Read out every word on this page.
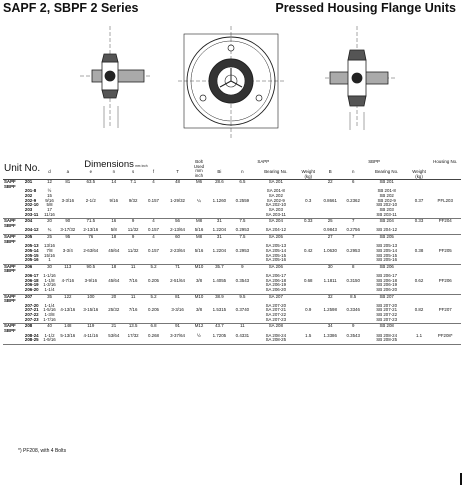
SAPF 2, SBPF 2 Series	Pressed Housing Flange Units
Unit No.		Dimensions mm inch							Bolt Used
mm inch	SAPP				SBPP				Housing No.
		d	a	e	n	s	f	T		Bi	n	Bearing No.	Weight (kg)	B	n	Bearing No.	Weight (kg)	
SAPF SBPF	201	12	81	63.5	14	7.1	4	48	M6	28.6	6.5	SA 201		22	6	SB 201		
	201-8	½										SA 201-8				SB 201-8		
	202	15										SA 202				SB 202		
	202-9	9/16	3-3/16	2-1/2	9/16	9/32	0.157	1-29/32	¼	1.1260	0.2559	SA 202-9	0.3	0.8661	0.2362	SB 202-9	0.37	PFL203
	202-10	5/8										SA 202-10				SB 202-10		
	203	17										SA 203				SB 203		
	203-11	11/16										SA 203-11				SB 203-11		
SAPF SBPF	204	20	90	71.5	16	9	4	56	M8	31	7.5	SA 204	0.33	25	7	SB 204	0.33	PF204
	204-12	¾	3-17/32	2-13/16	5/8	11/32	0.157	2-13/64	5/16	1.2204	0.2953	SA 204-12		0.9843	0.2756	SB 204-12		
SAPF SBPF	205	25	95	76	18	9	4	60	M8	31	7.5	SA 205		27	7	SB 205		
	205-13	13/16										SA 205-13				SB 205-13		
	205-14	7/8	3-3/4	2-63/64	45/64	11/32	0.157	2-23/64	5/16	1.2204	0.2953	SA 205-14	0.42	1.0630	0.2953	SB 205-14	0.38	PF205
	205-15	15/16										SA 205-15				SB 205-15		
	205-16	1										SA 205-16				SB 205-16		
SAPF SBPF	206	30	113	90.5	18	11	5.2	71	M10	35.7	9	SA 206		30	8	SB 206		
	206-17	1-1/16										SA 206-17				SB 206-17		
	206-18	1-1/8	4-7/16	3-9/16	45/64	7/16	0.205	2-51/64	3/8	1.4055	0.3543	SA 206-18	0.68	1.1811	0.3150	SB 206-18	0.62	PF206
	206-19	1-3/16										SA 206-19				SB 206-19		
	206-20	1-1/4										SA 206-20				SB 206-20		
SAPF SBPF	207	35	122	100	20	11	5.2	81	M10	38.9	9.5	SA 207		32	8.5	SB 207		
	207-20	1-1/4										SA 207-20				SB 207-20		
	207-21	1-5/16	4-13/16	3-15/16	25/32	7/16	0.205	3-3/16	3/8	1.5315	0.3740	SA 207-21	0.9	1.2598	0.3346	SB 207-21	0.82	PF207
	207-22	1-3/8										SA 207-22				SB 207-22		
	207-23	1-7/16										SA 207-23				SB 207-23		
SAPF SBPF	208	40	148	119	21	13.5	6.8	91	M12	43.7	11	SA 208		34	9	SB 208		
	208-24	1-1/2	5-13/16	4-11/16	53/64	17/32	0.268	3-37/64	½	1.7205	0.4331	SA 208-24	1.5	1.3386	0.3543	SB 208-24	1.1	PF208*
	208-25	1-9/16										SA 208-25				SB 208-25		
*) PF208, with 4 Bolts
